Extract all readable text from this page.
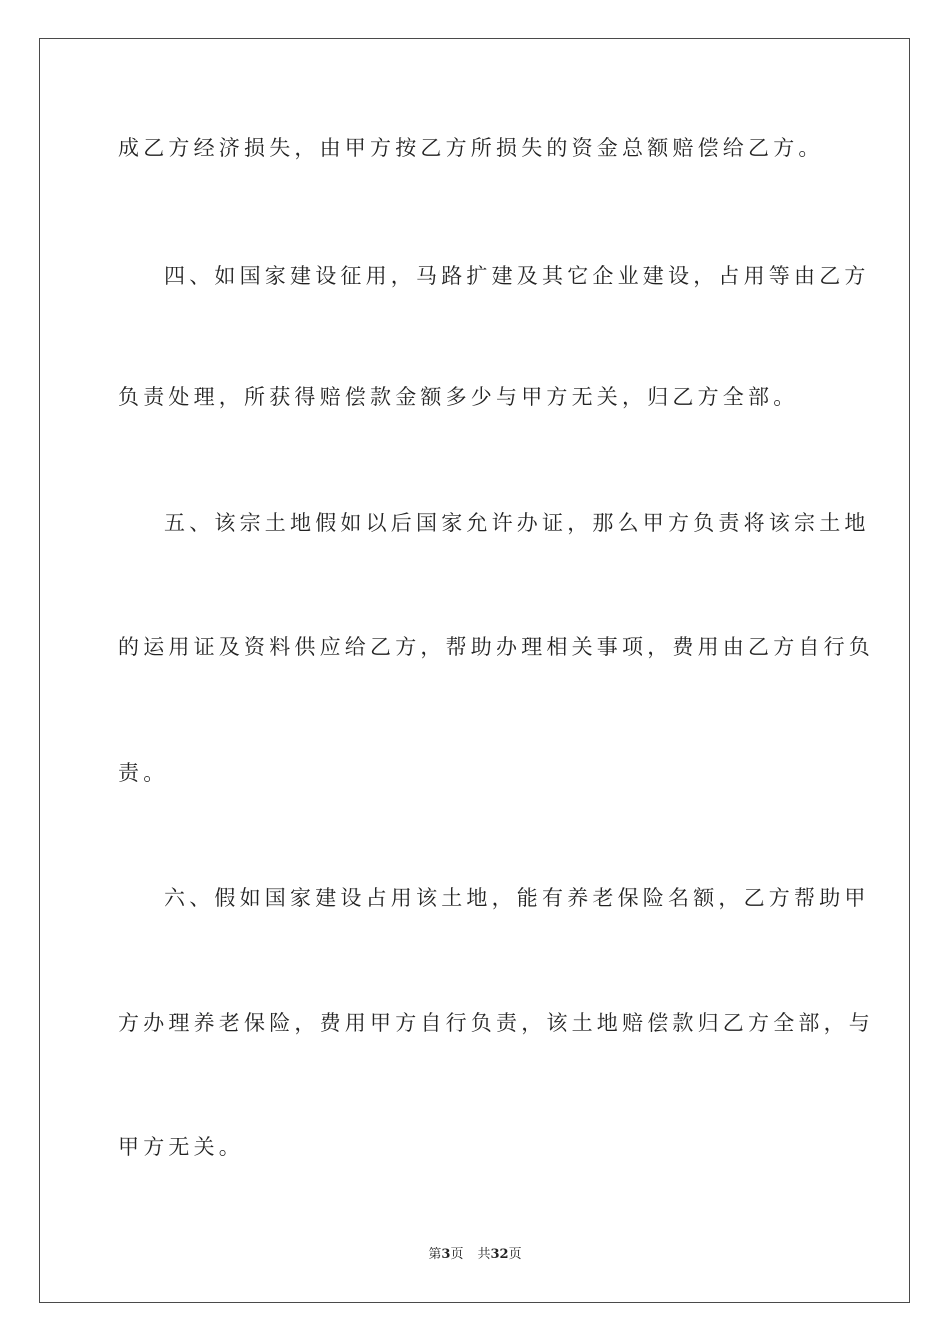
成乙方经济损失，由甲方按乙方所损失的资金总额赔偿给乙方。
四、如国家建设征用，马路扩建及其它企业建设，占用等由乙方
负责处理，所获得赔偿款金额多少与甲方无关，归乙方全部。
五、该宗土地假如以后国家允许办证，那么甲方负责将该宗土地
的运用证及资料供应给乙方，帮助办理相关事项，费用由乙方自行负
责。
六、假如国家建设占用该土地，能有养老保险名额，乙方帮助甲
方办理养老保险，费用甲方自行负责，该土地赔偿款归乙方全部，与
甲方无关。
第3页 共32页
